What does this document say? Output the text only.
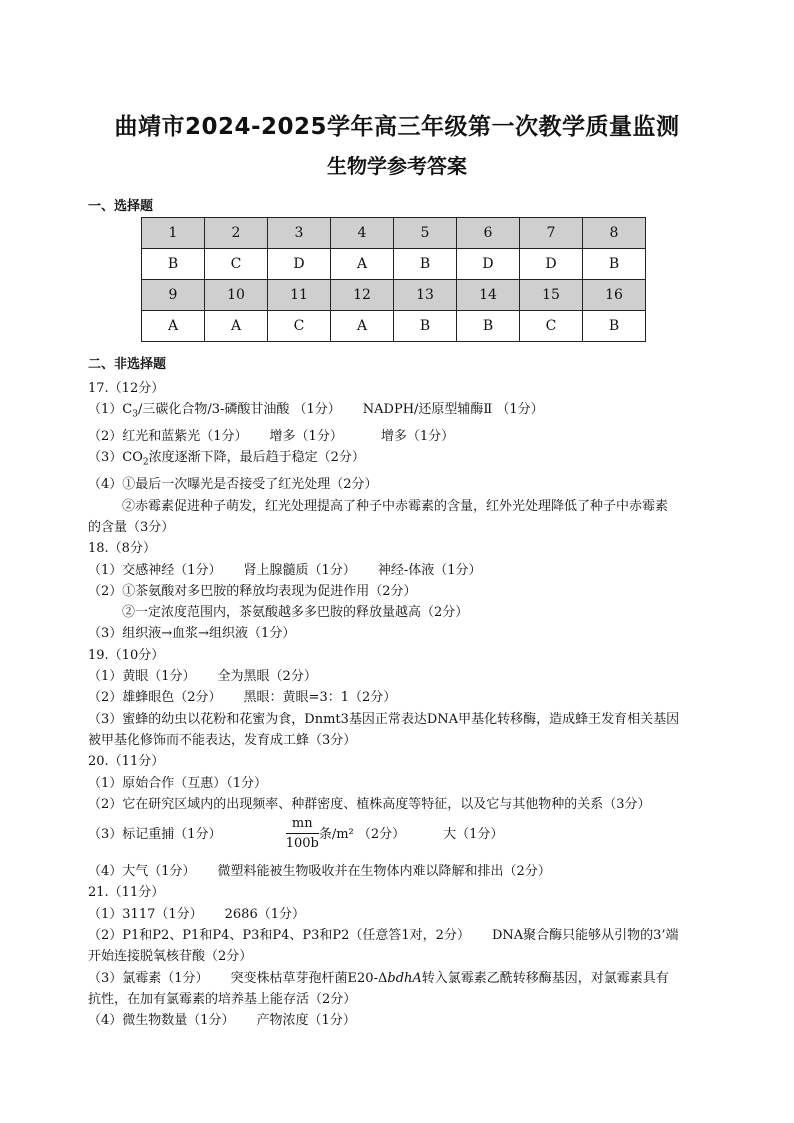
曲靖市2024-2025学年高三年级第一次教学质量监测
生物学参考答案
一、选择题
1	2	3	4	5	6	7	8
B	C	D	A	B	D	D	B
9	10	11	12	13	14	15	16
A	A	C	A	B	B	C	B
二、非选择题
17.（12分）
$(1)C_3/$三碳化合物/3-磷酸甘油酸 （1分） NADPH/还原型辅酶Ⅱ （1分）
（2）红光和蓝紫光（1分） 增多（1分）	增多（1分）
$(3)CO_2$浓度逐渐下降，最后趋于稳定（2分）
（4）①最后一次曝光是否接受了红光处理（2分）
②赤霉素促进种子萌发，红光处理提高了种子中赤霉素的含量，红外光处理降低了种子中赤霉素
的含量（3分）
18.（8分）
（1）交感神经（1分） 肾上腺髓质（1分） 神经-体液（1分）
（2）①茶氨酸对多巴胺的释放均表现为促进作用（2分）
②一定浓度范围内，茶氨酸越多多巴胺的释放量越高（2分）
（3）组织液→血浆→组织液（1分）
19.（10分）
（1）黄眼（1分） 全为黑眼（2分）
（2）雄蜂眼色（2分） 黑眼：黄眼=3：1（2分）
（3）蜜蜂的幼虫以花粉和花蜜为食，Dnmt3基因正常表达DNA甲基化转移酶，造成蜂王发育相关基因
被甲基化修饰而不能表达，发育成工蜂（3分）
20.（11分）
（1）原始合作（互惠）（1分）
（2）它在研究区域内的出现频率、种群密度、植株高度等特征，以及它与其他物种的关系（3分）
（3）标记重捕（1分）	$\frac{mn}{100b}$ 条/m² （2分）	大（1分）
（4）大气（1分） 微塑料能被生物吸收并在生物体内难以降解和排出（2分）
21.（11分）
（1）3117（1分） 2686（1分）
（2）P1和P2、P1和P4、P3和P4、P3和P2（任意答1对，2分） DNA聚合酶只能够从引物的3’端
开始连接脱氧核苷酸（2分）
（3）氯霉素（1分） 突变株枯草芽孢杆菌E20-ΔbdhA转入氯霉素乙酰转移酶基因，对氯霉素具有
抗性，在加有氯霉素的培养基上能存活（2分）
（4）微生物数量（1分） 产物浓度（1分）
